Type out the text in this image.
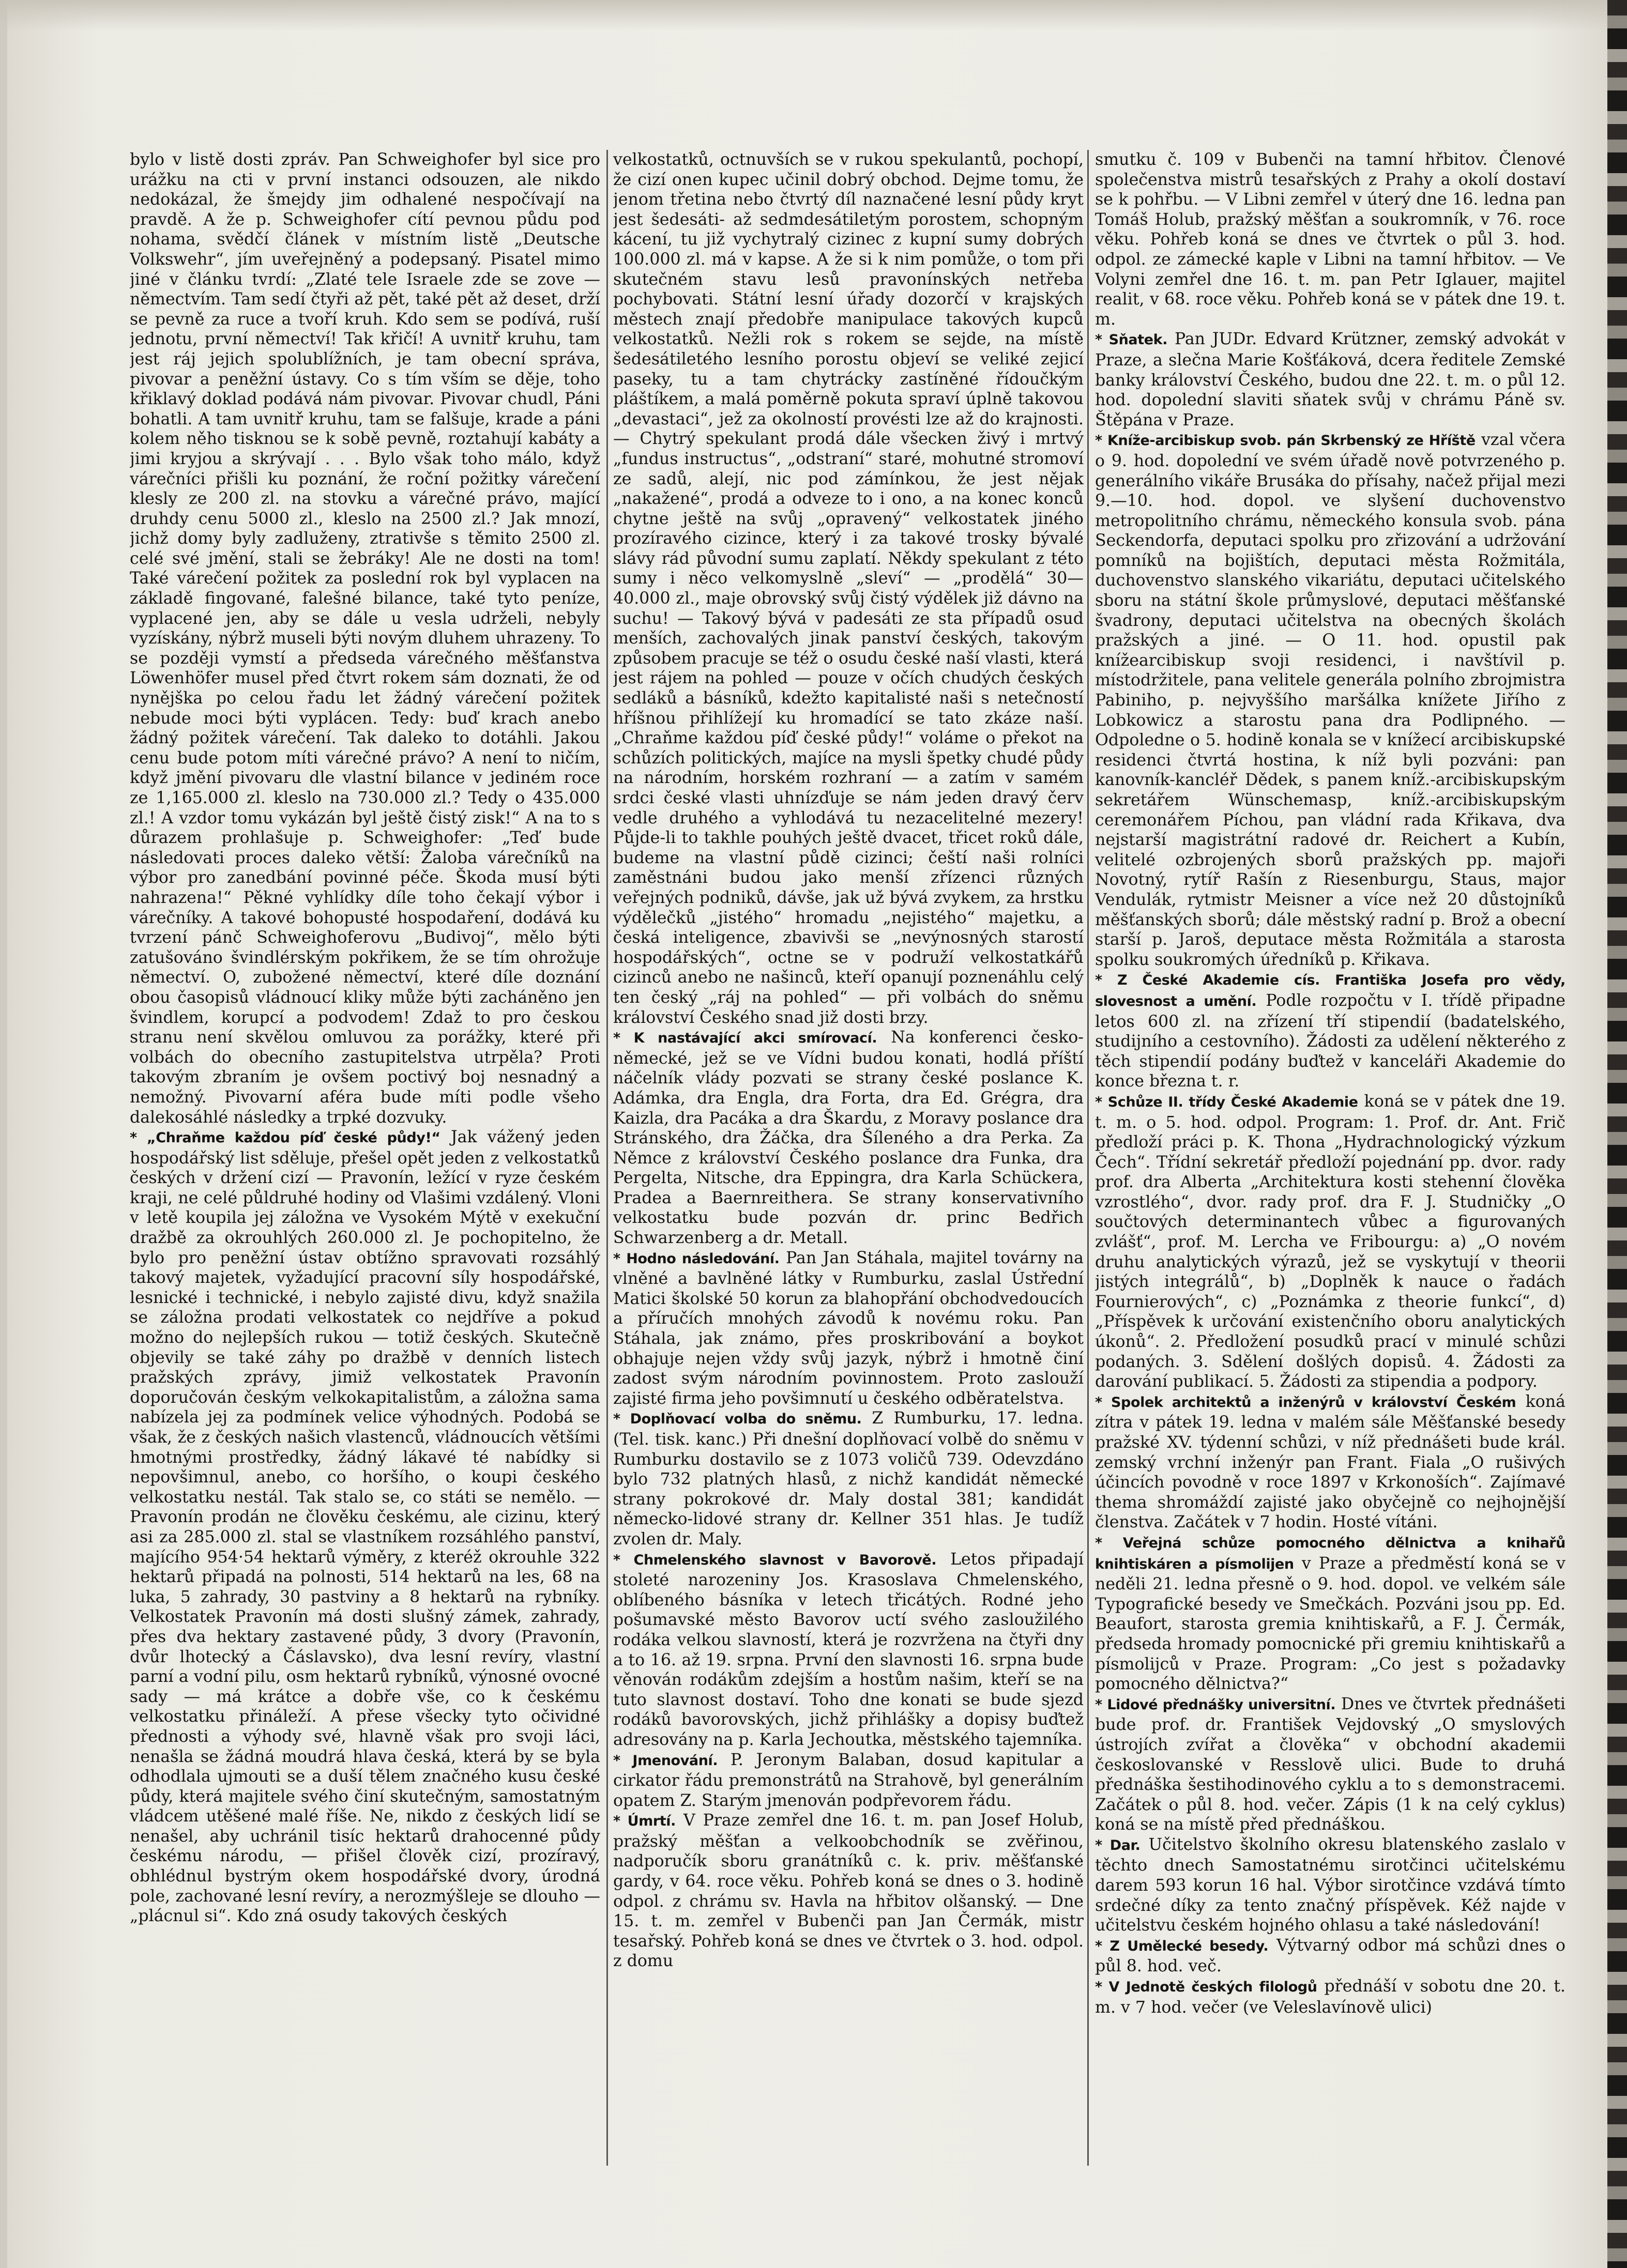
bylo v listě dosti zpráv. Pan Schweighofer byl sice pro urážku na cti v první instanci odsouzen, ale nikdo nedokázal, že šmejdy jim odhalené nespočívají na pravdě. A že p. Schweighofer cítí pevnou půdu pod nohama, svědčí článek v místním listě „Deutsche Volkswehr“, jím uveřejněný a podepsaný. Pisatel mimo jiné v článku tvrdí: „Zlaté tele Israele zde se zove — němectvím. Tam sedí čtyři až pět, také pět až deset, drží se pevně za ruce a tvoří kruh. Kdo sem se podívá, ruší jednotu, první němectví! Tak křičí! A uvnitř kruhu, tam jest ráj jejich spolublížních, je tam obecní správa, pivovar a peněžní ústavy. Co s tím vším se děje, toho křiklavý doklad podává nám pivovar. Pivovar chudl, Páni bohatli. A tam uvnitř kruhu, tam se falšuje, krade a páni kolem něho tisknou se k sobě pevně, roztahují kabáty a jimi kryjou a skrývají . . . Bylo však toho málo, když várečníci přišli ku poznání, že roční požitky várečení klesly ze 200 zl. na stovku a várečné právo, mající druhdy cenu 5000 zl., kleslo na 2500 zl.? Jak mnozí, jichž domy byly zadluženy, ztrativše s těmito 2500 zl. celé své jmění, stali se žebráky! Ale ne dosti na tom! Také várečení požitek za poslední rok byl vyplacen na základě fingované, falešné bilance, také tyto peníze, vyplacené jen, aby se dále u vesla udrželi, nebyly vyzískány, nýbrž museli býti novým dluhem uhrazeny. To se později vymstí a předseda várečného měšťanstva Löwenhöfer musel před čtvrt rokem sám doznati, že od nynějška po celou řadu let žádný várečení požitek nebude moci býti vyplácen. Tedy: buď krach anebo žádný požitek várečení. Tak daleko to dotáhli. Jakou cenu bude potom míti várečné právo? A není to ničím, když jmění pivovaru dle vlastní bilance v jediném roce ze 1,165.000 zl. kleslo na 730.000 zl.? Tedy o 435.000 zl.! A vzdor tomu vykázán byl ještě čistý zisk!“ A na to s důrazem prohlašuje p. Schweighofer: „Teď bude následovati proces daleko větší: Žaloba várečníků na výbor pro zanedbání povinné péče. Škoda musí býti nahrazena!“ Pěkné vyhlídky díle toho čekají výbor i várečníky. A takové bohopusté hospodaření, dodává ku tvrzení pánč Schweighoferovu „Budivoj“, mělo býti zatušováno švindlérským pokřikem, že se tím ohrožuje němectví. O, zubožené němectví, které díle doznání obou časopisů vládnoucí kliky může býti zacháněno jen švindlem, korupcí a podvodem! Zdaž to pro českou stranu není skvělou omluvou za porážky, které při volbách do obecního zastupitelstva utrpěla? Proti takovým zbraním je ovšem poctivý boj nesnadný a nemožný. Pivovarní aféra bude míti podle všeho dalekosáhlé následky a trpké dozvuky.

* „Chraňme každou píď české půdy!“ Jak vážený jeden hospodářský list sděluje, přešel opět jeden z velkostatků českých v držení cizí — Pravonín, ležící v ryze českém kraji, ne celé půldruhé hodiny od Vlašimi vzdálený. Vloni v letě koupila jej záložna ve Vysokém Mýtě v exekuční dražbě za okrouhlých 260.000 zl. Je pochopitelno, že bylo pro peněžní ústav obtížno spravovati rozsáhlý takový majetek, vyžadující pracovní síly hospodářské, lesnické i technické, i nebylo zajisté divu, když snažila se záložna prodati velkostatek co nejdříve a pokud možno do nejlepších rukou — totiž českých. Skutečně objevily se také záhy po dražbě v denních listech pražských zprávy, jimiž velkostatek Pravonín doporučován českým velkokapitalistům, a záložna sama nabízela jej za podmínek velice výhodných. Podobá se však, že z českých našich vlastenců, vládnoucích většími hmotnými prostředky, žádný lákavé té nabídky si nepovšimnul, anebo, co horšího, o koupi českého velkostatku nestál. Tak stalo se, co státi se nemělo. — Pravonín prodán ne člověku českému, ale cizinu, který asi za 285.000 zl. stal se vlastníkem rozsáhlého panství, majícího 954·54 hektarů výměry, z kteréž okrouhle 322 hektarů připadá na polnosti, 514 hektarů na les, 68 na luka, 5 zahrady, 30 pastviny a 8 hektarů na rybníky. Velkostatek Pravonín má dosti slušný zámek, zahrady, přes dva hektary zastavené půdy, 3 dvory (Pravonín, dvůr lhotecký a Čáslavsko), dva lesní revíry, vlastní parní a vodní pilu, osm hektarů rybníků, výnosné ovocné sady — má krátce a dobře vše, co k českému velkostatku přináleží. A přese všecky tyto očividné přednosti a výhody své, hlavně však pro svoji láci, nenašla se žádná moudrá hlava česká, která by se byla odhodlala ujmouti se a duší tělem značného kusu české půdy, která majitele svého činí skutečným, samostatným vládcem utěšené malé říše. Ne, nikdo z českých lidí se nenašel, aby uchránil tisíc hektarů drahocenné půdy českému národu, — přišel člověk cizí, prozíravý, obhlédnul bystrým okem hospodářské dvory, úrodná pole, zachované lesní revíry, a nerozmýšleje se dlouho — „plácnul si“. Kdo zná osudy takových českých

velkostatků, octnuvších se v rukou spekulantů, pochopí, že cizí onen kupec učinil dobrý obchod. Dejme tomu, že jenom třetina nebo čtvrtý díl naznačené lesní půdy kryt jest šedesáti- až sedmdesátiletým porostem, schopným kácení, tu již vychytralý cizinec z kupní sumy dobrých 100.000 zl. má v kapse. A že si k nim pomůže, o tom při skutečném stavu lesů pravonínských netřeba pochybovati. Státní lesní úřady dozorčí v krajských městech znají předobře manipulace takových kupců velkostatků. Nežli rok s rokem se sejde, na místě šedesátiletého lesního porostu objeví se veliké zejicí paseky, tu a tam chytrácky zastíněné řídoučkým pláštíkem, a malá poměrně pokuta spraví úplně takovou „devastaci“, jež za okolností provésti lze až do krajnosti. — Chytrý spekulant prodá dále všecken živý i mrtvý „fundus instructus“, „odstraní“ staré, mohutné stromoví ze sadů, alejí, nic pod zámínkou, že jest nějak „nakažené“, prodá a odveze to i ono, a na konec konců chytne ještě na svůj „opravený“ velkostatek jiného prozíravého cizince, který i za takové trosky bývalé slávy rád původní sumu zaplatí. Někdy spekulant z této sumy i něco velkomyslně „sleví“ — „prodělá“ 30—40.000 zl., maje obrovský svůj čistý výdělek již dávno na suchu! — Takový bývá v padesáti ze sta případů osud menších, zachovalých jinak panství českých, takovým způsobem pracuje se též o osudu české naší vlasti, která jest rájem na pohled — pouze v očích chudých českých sedláků a básníků, kdežto kapitalisté naši s netečností hříšnou přihlížejí ku hromadící se tato zkáze naší. „Chraňme každou píď české půdy!“ voláme o překot na schůzích politických, majíce na mysli špetky chudé půdy na národním, horském rozhraní — a zatím v samém srdci české vlasti uhnízďuje se nám jeden dravý červ vedle druhého a vyhlodává tu nezacelitelné mezery! Půjde-li to takhle pouhých ještě dvacet, třicet roků dále, budeme na vlastní půdě cizinci; čeští naši rolníci zaměstnáni budou jako menší zřízenci různých veřejných podniků, dávše, jak už bývá zvykem, za hrstku výdělečků „jistého“ hromadu „nejistého“ majetku, a česká inteligence, zbavivši se „nevýnosných starostí hospodářských“, octne se v podruží velkostatkářů cizinců anebo ne našinců, kteří opanují poznenáhlu celý ten český „ráj na pohled“ — při volbách do sněmu království Českého snad již dosti brzy.

* K nastávající akci smírovací. Na konferenci česko-německé, jež se ve Vídni budou konati, hodlá příští náčelník vlády pozvati se strany české poslance K. Adámka, dra Engla, dra Forta, dra Ed. Grégra, dra Kaizla, dra Pacáka a dra Škardu, z Moravy poslance dra Stránského, dra Žáčka, dra Šíleného a dra Perka. Za Němce z království Českého poslance dra Funka, dra Pergelta, Nitsche, dra Eppingra, dra Karla Schückera, Pradea a Baernreithera. Se strany konservativního velkostatku bude pozván dr. princ Bedřich Schwarzenberg a dr. Metall.

* Hodno následování. Pan Jan Stáhala, majitel továrny na vlněné a bavlněné látky v Rumburku, zaslal Ústřední Matici školské 50 korun za blahopřání obchodvedoucích a příručích mnohých závodů k novému roku. Pan Stáhala, jak známo, přes proskribování a boykot obhajuje nejen vždy svůj jazyk, nýbrž i hmotně činí zadost svým národním povinnostem. Proto zaslouží zajisté firma jeho povšimnutí u českého odběratelstva.

* Doplňovací volba do sněmu. Z Rumburku, 17. ledna. (Tel. tisk. kanc.) Při dnešní doplňovací volbě do sněmu v Rumburku dostavilo se z 1073 voličů 739. Odevzdáno bylo 732 platných hlasů, z nichž kandidát německé strany pokrokové dr. Maly dostal 381; kandidát německo-lidové strany dr. Kellner 351 hlas. Je tudíž zvolen dr. Maly.

* Chmelenského slavnost v Bavorově. Letos připadají stoleté narozeniny Jos. Krasoslava Chmelenského, oblíbeného básníka v letech třicátých. Rodné jeho pošumavské město Bavorov uctí svého zasloužilého rodáka velkou slavností, která je rozvržena na čtyři dny a to 16. až 19. srpna. První den slavnosti 16. srpna bude věnován rodákům zdejším a hostům našim, kteří se na tuto slavnost dostaví. Toho dne konati se bude sjezd rodáků bavorovských, jichž přihlášky a dopisy buďtež adresovány na p. Karla Jechoutka, městského tajemníka.

* Jmenování. P. Jeronym Balaban, dosud kapitular a cirkator řádu premonstrátů na Strahově, byl generálním opatem Z. Starým jmenován podpřevorem řádu.

* Úmrtí. V Praze zemřel dne 16. t. m. pan Josef Holub, pražský měšťan a velkoobchodník se zvěřinou, nadporučík sboru granátníků c. k. priv. měšťanské gardy, v 64. roce věku. Pohřeb koná se dnes o 3. hodině odpol. z chrámu sv. Havla na hřbitov olšanský. — Dne 15. t. m. zemřel v Bubenči pan Jan Čermák, mistr tesařský. Pohřeb koná se dnes ve čtvrtek o 3. hod. odpol. z domu

smutku č. 109 v Bubenči na tamní hřbitov. Členové společenstva mistrů tesařských z Prahy a okolí dostaví se k pohřbu. — V Libni zemřel v úterý dne 16. ledna pan Tomáš Holub, pražský měšťan a soukromník, v 76. roce věku. Pohřeb koná se dnes ve čtvrtek o půl 3. hod. odpol. ze zámecké kaple v Libni na tamní hřbitov. — Ve Volyni zemřel dne 16. t. m. pan Petr Iglauer, majitel realit, v 68. roce věku. Pohřeb koná se v pátek dne 19. t. m.

* Sňatek. Pan JUDr. Edvard Krützner, zemský advokát v Praze, a slečna Marie Košťáková, dcera ředitele Zemské banky království Českého, budou dne 22. t. m. o půl 12. hod. dopolední slaviti sňatek svůj v chrámu Páně sv. Štěpána v Praze.

* Kníže-arcibiskup svob. pán Skrbenský ze Hříště vzal včera o 9. hod. dopolední ve svém úřadě nově potvrzeného p. generálního vikáře Brusáka do přísahy, načež přijal mezi 9.—10. hod. dopol. ve slyšení duchovenstvo metropolitního chrámu, německého konsula svob. pána Seckendorfa, deputaci spolku pro zřizování a udržování pomníků na bojištích, deputaci města Rožmitála, duchovenstvo slanského vikariátu, deputaci učitelského sboru na státní škole průmyslové, deputaci měšťanské švadrony, deputaci učitelstva na obecných školách pražských a jiné. — O 11. hod. opustil pak knížearcibiskup svoji residenci, i navštívil p. místodržitele, pana velitele generála polního zbrojmistra Pabiniho, p. nejvyššího maršálka knížete Jiřího z Lobkowicz a starostu pana dra Podlipného. — Odpoledne o 5. hodině konala se v knížecí arcibiskupské residenci čtvrtá hostina, k níž byli pozváni: pan kanovník-kancléř Dědek, s panem kníž.-arcibiskupským sekretářem Wünschemasp, kníž.-arcibiskupským ceremonářem Píchou, pan vládní rada Křikava, dva nejstarší magistrátní radové dr. Reichert a Kubín, velitelé ozbrojených sborů pražských pp. majoři Novotný, rytíř Rašín z Riesenburgu, Staus, major Vendulák, rytmistr Meisner a více než 20 důstojníků měšťanských sborů; dále městský radní p. Brož a obecní starší p. Jaroš, deputace města Rožmitála a starosta spolku soukromých úředníků p. Křikava.

* Z České Akademie cís. Františka Josefa pro vědy, slovesnost a umění. Podle rozpočtu v I. třídě připadne letos 600 zl. na zřízení tří stipendií (badatelského, studijního a cestovního). Žádosti za udělení některého z těch stipendií podány buďtež v kanceláři Akademie do konce března t. r.

* Schůze II. třídy České Akademie koná se v pátek dne 19. t. m. o 5. hod. odpol. Program: 1. Prof. dr. Ant. Frič předloží práci p. K. Thona „Hydrachnologický výzkum Čech“. Třídní sekretář předloží pojednání pp. dvor. rady prof. dra Alberta „Architektura kosti stehenní člověka vzrostlého“, dvor. rady prof. dra F. J. Studničky „O součtových determinantech vůbec a figurovaných zvlášť“, prof. M. Lercha ve Fribourgu: a) „O novém druhu analytických výrazů, jež se vyskytují v theorii jistých integrálů“, b) „Doplněk k nauce o řadách Fournierových“, c) „Poznámka z theorie funkcí“, d) „Příspěvek k určování existenčního oboru analytických úkonů“. 2. Předložení posudků prací v minulé schůzi podaných. 3. Sdělení došlých dopisů. 4. Žádosti za darování publikací. 5. Žádosti za stipendia a podpory.

* Spolek architektů a inženýrů v království Českém koná zítra v pátek 19. ledna v malém sále Měšťanské besedy pražské XV. týdenní schůzi, v níž přednášeti bude král. zemský vrchní inženýr pan Frant. Fiala „O rušivých účincích povodně v roce 1897 v Krkonoších“. Zajímavé thema shromáždí zajisté jako obyčejně co nejhojnější členstva. Začátek v 7 hodin. Hosté vítáni.

* Veřejná schůze pomocného dělnictva a knihařů knihtiskáren a písmolijen v Praze a předměstí koná se v neděli 21. ledna přesně o 9. hod. dopol. ve velkém sále Typografické besedy ve Smečkách. Pozváni jsou pp. Ed. Beaufort, starosta gremia knihtiskařů, a F. J. Čermák, předseda hromady pomocnické při gremiu knihtiskařů a písmolijců v Praze. Program: „Co jest s požadavky pomocného dělnictva?“

* Lidové přednášky universitní. Dnes ve čtvrtek přednášeti bude prof. dr. František Vejdovský „O smyslových ústrojích zvířat a člověka“ v obchodní akademii českoslovanské v Resslově ulici. Bude to druhá přednáška šestihodinového cyklu a to s demonstracemi. Začátek o půl 8. hod. večer. Zápis (1 k na celý cyklus) koná se na místě před přednáškou.

* Dar. Učitelstvo školního okresu blatenského zaslalo v těchto dnech Samostatnému sirotčinci učitelskému darem 593 korun 16 hal. Výbor sirotčince vzdává tímto srdečné díky za tento značný příspěvek. Kéž najde v učitelstvu českém hojného ohlasu a také následování!

* Z Umělecké besedy. Výtvarný odbor má schůzi dnes o půl 8. hod. več.

* V Jednotě českých filologů přednáší v sobotu dne 20. t. m. v 7 hod. večer (ve Veleslavínově ulici)
